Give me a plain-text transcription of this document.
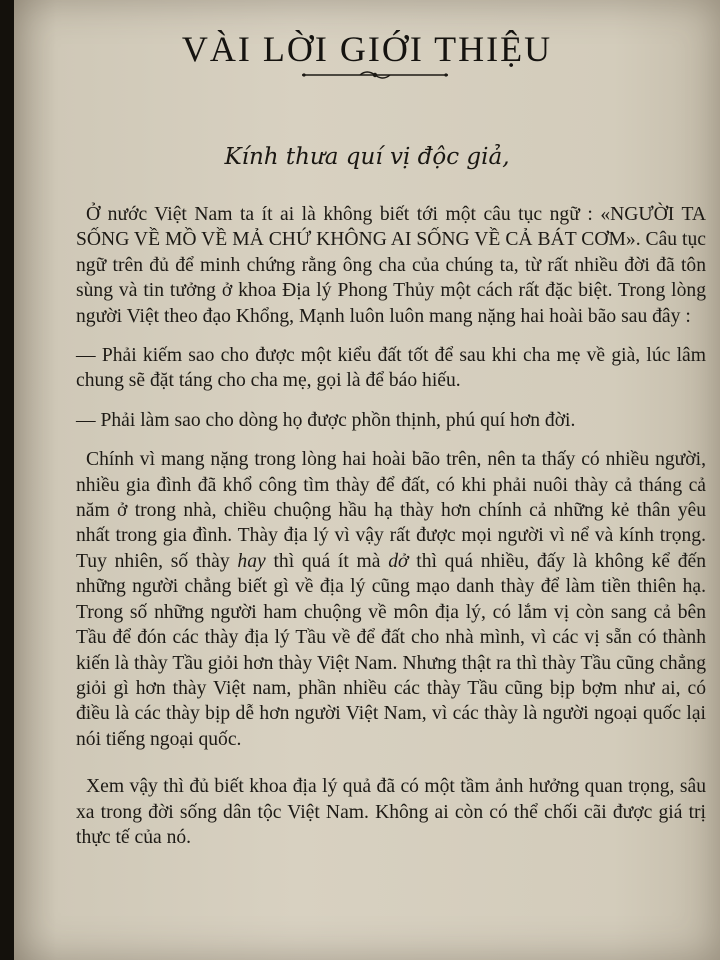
VÀI LỜI GIỚI THIỆU
Kính thưa quí vị độc giả,

Ở nước Việt Nam ta ít ai là không biết tới một câu tục ngữ : «NGƯỜI TA SỐNG VỀ MỒ VỀ MẢ CHỨ KHÔNG AI SỐNG VỀ CẢ BÁT CƠM». Câu tục ngữ trên đủ để minh chứng rằng ông cha của chúng ta, từ rất nhiều đời đã tôn sùng và tin tưởng ở khoa Địa lý Phong Thủy một cách rất đặc biệt. Trong lòng người Việt theo đạo Khổng, Mạnh luôn luôn mang nặng hai hoài bão sau đây :

— Phải kiếm sao cho được một kiểu đất tốt để sau khi cha mẹ về già, lúc lâm chung sẽ đặt táng cho cha mẹ, gọi là để báo hiếu.

— Phải làm sao cho dòng họ được phồn thịnh, phú quí hơn đời.

Chính vì mang nặng trong lòng hai hoài bão trên, nên ta thấy có nhiều người, nhiều gia đình đã khổ công tìm thày để đất, có khi phải nuôi thày cả tháng cả năm ở trong nhà, chiều chuộng hầu hạ thày hơn chính cả những kẻ thân yêu nhất trong gia đình. Thày địa lý vì vậy rất được mọi người vì nể và kính trọng. Tuy nhiên, số thày hay thì quá ít mà dở thì quá nhiều, đấy là không kể đến những người chẳng biết gì về địa lý cũng mạo danh thày để làm tiền thiên hạ. Trong số những người ham chuộng về môn địa lý, có lắm vị còn sang cả bên Tầu để đón các thày địa lý Tầu về để đất cho nhà mình, vì các vị sẵn có thành kiến là thày Tầu giỏi hơn thày Việt Nam. Nhưng thật ra thì thày Tầu cũng chẳng giỏi gì hơn thày Việt nam, phần nhiều các thày Tầu cũng bịp bợm như ai, có điều là các thày bịp dễ hơn người Việt Nam, vì các thày là người ngoại quốc lại nói tiếng ngoại quốc.

Xem vậy thì đủ biết khoa địa lý quả đã có một tầm ảnh hưởng quan trọng, sâu xa trong đời sống dân tộc Việt Nam. Không ai còn có thể chối cãi được giá trị thực tế của nó.
